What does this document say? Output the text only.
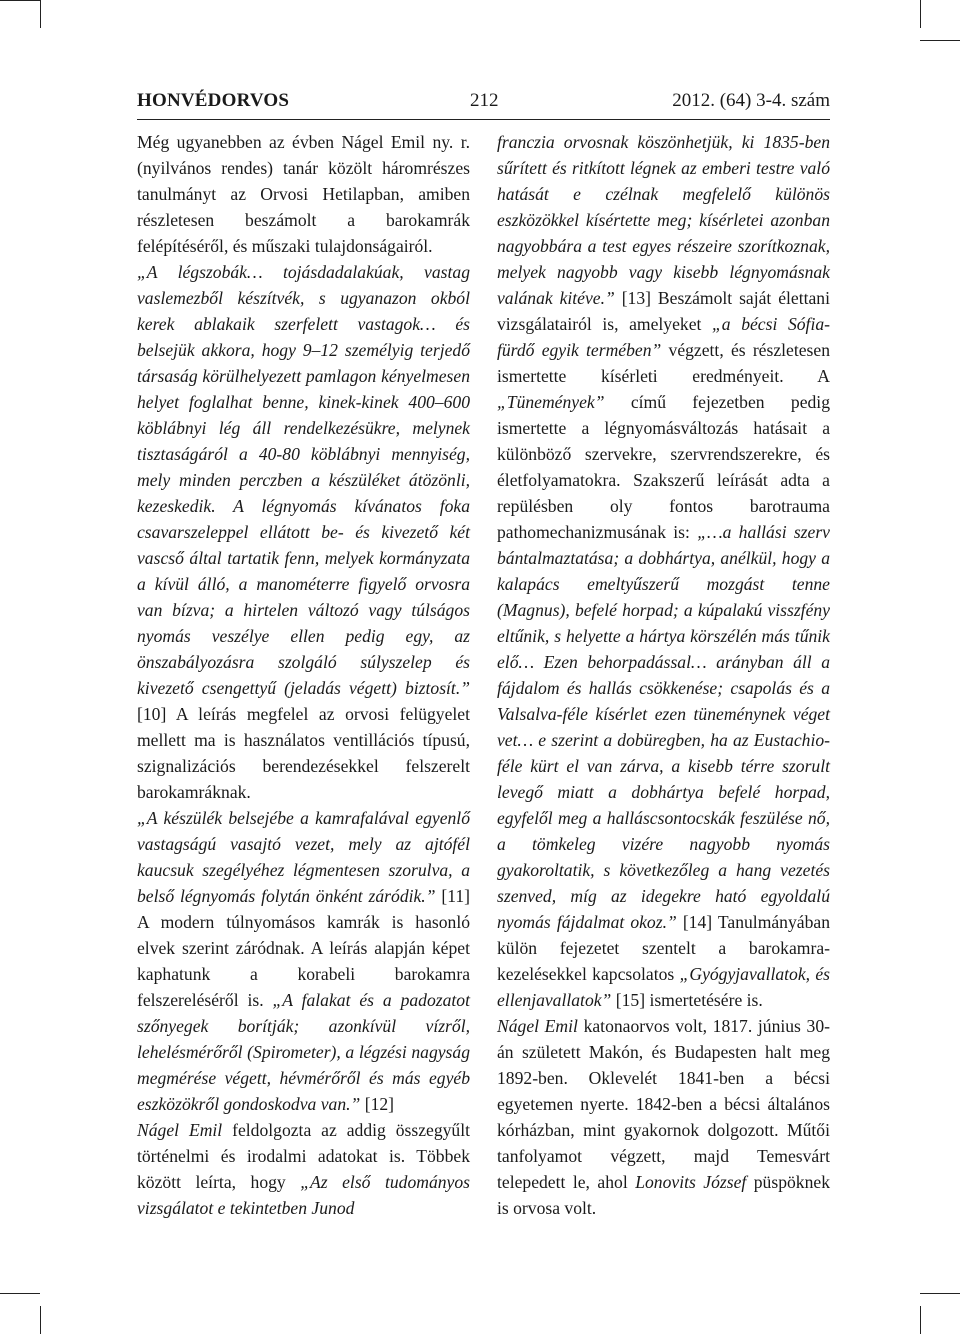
HONVÉDORVOS	212	2012. (64) 3-4. szám

Még ugyanebben az évben Nágel Emil ny. r. (nyilvános rendes) tanár közölt háromrészes tanulmányt az Orvosi Hetilapban, amiben részletesen beszámolt a barokamrák felépítéséről, és műszaki tulajdonságairól.

„A légszobák… tojásdadalakúak, vastag vaslemezből készítvék, s ugyanazon okból kerek ablakaik szerfelett vastagok… és belsejük akkora, hogy 9–12 személyig terjedő társaság körülhelyezett pamlagon kényelmesen helyet foglalhat benne, kinek-kinek 400–600 köblábnyi lég áll rendelkezésükre, melynek tisztaságáról a 40-80 köblábnyi mennyiség, mely minden perczben a készüléket átözönli, kezeskedik. A légnyomás kívánatos foka csavarszeleppel ellátott be- és kivezető két vascső által tartatik fenn, melyek kormányzata a kívül álló, a manométerre figyelő orvosra van bízva; a hirtelen változó vagy túlságos nyomás veszélye ellen pedig egy, az önszabályozásra szolgáló súlyszelep és kivezető csengettyű (jeladás végett) biztosít.” [10] A leírás megfelel az orvosi felügyelet mellett ma is használatos ventillációs típusú, szignalizációs berendezésekkel felszerelt barokamráknak.

„A készülék belsejébe a kamrafalával egyenlő vastagságú vasajtó vezet, mely az ajtófél kaucsuk szegélyéhez légmentesen szorulva, a belső légnyomás folytán önként záródik.” [11] A modern túlnyomásos kamrák is hasonló elvek szerint záródnak. A leírás alapján képet kaphatunk a korabeli barokamra felszereléséről is. „A falakat és a padozatot szőnyegek borítják; azonkívül vízről, lehelésmérőről (Spirometer), a légzési nagyság megmérése végett, hévmérőről és más egyéb eszközökről gondoskodva van.” [12]

Nágel Emil feldolgozta az addig összegyűlt történelmi és irodalmi adatokat is. Többek között leírta, hogy „Az első tudományos vizsgálatot e tekintetben Junod

franczia orvosnak köszönhetjük, ki 1835-ben sűrített és ritkított légnek az emberi testre való hatását e czélnak megfelelő különös eszközökkel kísértette meg; kísérletei azonban nagyobbára a test egyes részeire szorítkoznak, melyek nagyobb vagy kisebb légnyomásnak valának kitéve.” [13] Beszámolt saját élettani vizsgálatairól is, amelyeket „a bécsi Sófia-fürdő egyik termében” végzett, és részletesen ismertette kísérleti eredményeit. A „Tünemények” című fejezetben pedig ismertette a légnyomásváltozás hatásait a különböző szervekre, szervrendszerekre, és életfolyamatokra. Szakszerű leírását adta a repülésben oly fontos barotrauma pathomechanizmusának is: „…a hallási szerv bántalmaztatása; a dobhártya, anélkül, hogy a kalapács emeltyűszerű mozgást tenne (Magnus), befelé horpad; a kúpalakú visszfény eltűnik, s helyette a hártya körszélén más tűnik elő… Ezen behorpadással… arányban áll a fájdalom és hallás csökkenése; csapolás és a Valsalva-féle kísérlet ezen tüneménynek véget vet… e szerint a dobüregben, ha az Eustachio-féle kürt el van zárva, a kisebb térre szorult levegő miatt a dobhártya befelé horpad, egyfelől meg a halláscsontocskák feszülése nő, a tömkeleg vizére nagyobb nyomás gyakoroltatik, s következőleg a hang vezetés szenved, míg az idegekre ható egyoldalú nyomás fájdalmat okoz.” [14] Tanulmányában külön fejezetet szentelt a barokamra-kezelésekkel kapcsolatos „Gyógyjavallatok, és ellenjavallatok” [15] ismertetésére is.

Nágel Emil katonaorvos volt, 1817. június 30-án született Makón, és Budapesten halt meg 1892-ben. Oklevelét 1841-ben a bécsi egyetemen nyerte. 1842-ben a bécsi általános kórházban, mint gyakornok dolgozott. Műtői tanfolyamot végzett, majd Temesvárt telepedett le, ahol Lonovits József püspöknek is orvosa volt.
